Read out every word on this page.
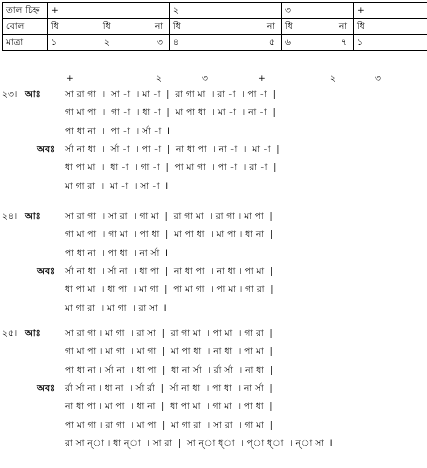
তাল চিহ্ন	+	২	৩	+

বোল	ধি ধি না	ধি না	ধি না	ধি

মাত্রা	১ ২ ৩	৪ ৫	৬ ৭	১
+	২	৩	+	২	৩
২৩। আঃ	সা রা গা  ।  সা -া  । মা -া  |  রা গা মা  । রা -া  । পা -া  |
গা মা পা  ।  গা -া  । ধা -া  |  মা পা ধা  । মা -া  । না -া  |
পা ধা না  ।  পা -া  । র্সা -া  I
অবঃ র্সা না ধা  ।  র্সা -া  । পা -া  |  না ধা পা  । না -া  ।  মা -া  |
ধা পা মা  ।  ধা -া  । গা -া  |  পা মা গা  । পা -া  । রা -া  |
মা গা রা  ।  মা -া  । সা -া  I
২৪। আঃ	সা রা গা  । সা রা  । গা মা  |  রা গা মা  । রা গা । মা পা  |
গা মা পা  । গা মা  । পা ধা  |  মা পা ধা  । মা পা । ধা না  |
পা ধা না  । পা ধা  । না র্সা  I
অবঃ র্সা না ধা  । র্সা না  । ধা পা  |  না ধা পা  । না ধা । পা মা  |
ধা পা মা  । ধা পা  । মা গা  |  পা মা গা  । পা মা । গা রা  |
মা গা রা  । মা গা  । রা সা  I
২৫। আঃ	সা রা গা । মা গা  । রা সা  |  রা গা মা  । পা মা  । গা রা  |
গা মা পা । মা গা  । মা গা  |  মা পা ধা  । না ধা  । পা মা  |
পা ধা না । র্সা না  । ধা পা  |  ধা না র্সা  । র্রা র্সা  । না ধা  |
অবঃ র্রা র্সা না । ধা না  । র্সা র্রা  |  র্সা না ধা  । পা ধা  । না র্সা  |
না ধা পা । মা পা  । ধা না  |  ধা পা মা  । গা মা  । পা ধা  |
পা মা গা । রা গা  । মা পা  |  মা গা রা  । সা রা  । গা মা  |
রা সা ন্া । ধা ন্া  । সা রা  |  সা ন্া ধ্া  । প্া ধ্া  । ন্া সা  I
